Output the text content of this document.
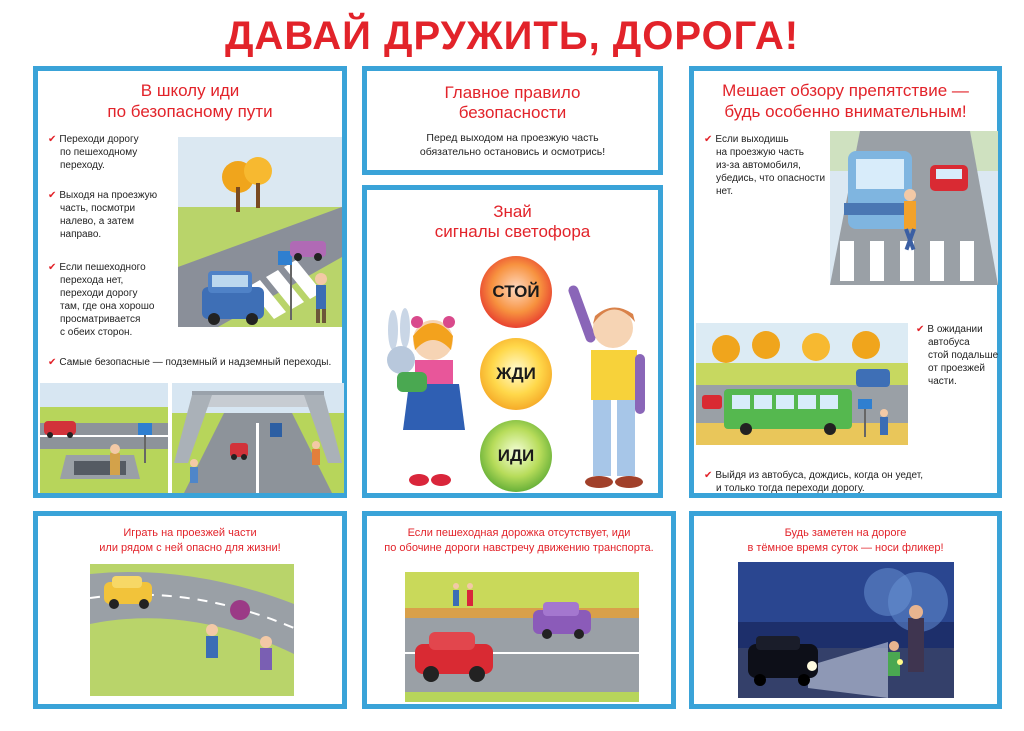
ДАВАЙ ДРУЖИТЬ, ДОРОГА!
В школу иди
по безопасному пути
✔ Переходи дорогу
по пешеходному
переходу.
✔ Выходя на проезжую
часть, посмотри
налево, а затем
направо.
✔ Если пешеходного
перехода нет,
переходи дорогу
там, где она хорошо
просматривается
с обеих сторон.
✔ Самые безопасные — подземный и надземный переходы.
Главное правило
безопасности
Перед выходом на проезжую часть
обязательно остановись и осмотрись!
Знай
сигналы светофора
СТОЙ
ЖДИ
ИДИ
Мешает обзору препятствие —
будь особенно внимательным!
✔ Если выходишь
на проезжую часть
из-за автомобиля,
убедись, что опасности
нет.
✔ В ожидании
автобуса
стой подальше
от проезжей
части.
✔ Выйдя из автобуса, дождись, когда он уедет,
и только тогда переходи дорогу.
Играть на проезжей части
или рядом с ней опасно для жизни!
Если пешеходная дорожка отсутствует, иди
по обочине дороги навстречу движению транспорта.
Будь заметен на дороге
в тёмное время суток — носи фликер!
